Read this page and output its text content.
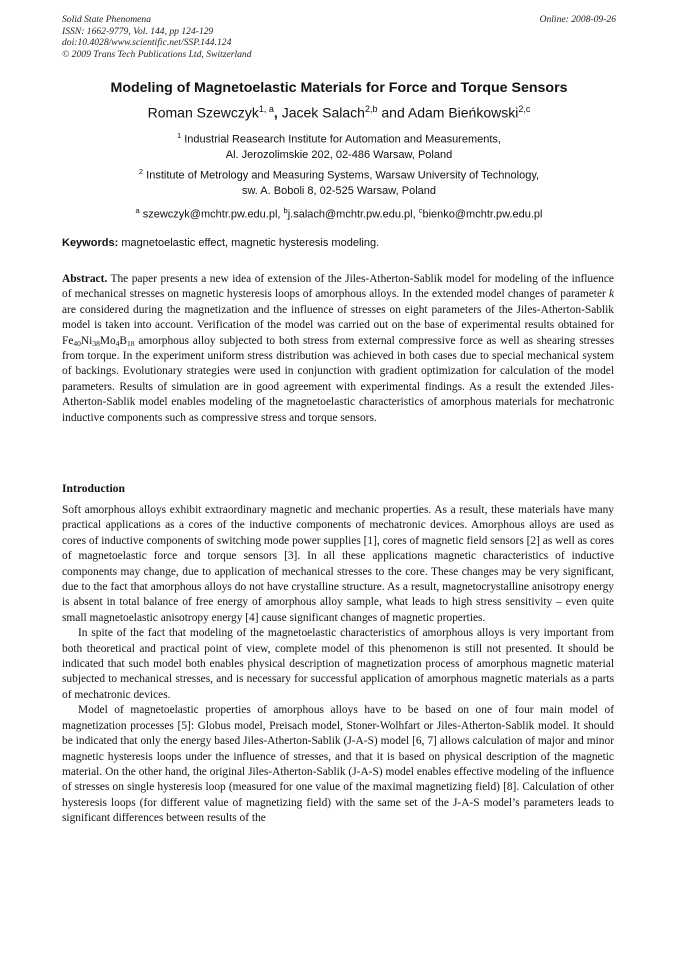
Solid State Phenomena
ISSN: 1662-9779, Vol. 144, pp 124-129
doi:10.4028/www.scientific.net/SSP.144.124
© 2009 Trans Tech Publications Ltd, Switzerland
Online: 2008-09-26
Modeling of Magnetoelastic Materials for Force and Torque Sensors
Roman Szewczyk$^{1, a}$, Jacek Salach$^{2,b}$ and Adam Bieńkowski$^{2,c}$
$^1$ Industrial Reasearch Institute for Automation and Measurements,
Al. Jerozolimskie 202, 02-486 Warsaw, Poland
$^2$ Institute of Metrology and Measuring Systems, Warsaw University of Technology,
sw. A. Boboli 8, 02-525 Warsaw, Poland
$^a$ szewczyk@mchtr.pw.edu.pl, $^b$j.salach@mchtr.pw.edu.pl, $^c$bienko@mchtr.pw.edu.pl
Keywords: magnetoelastic effect, magnetic hysteresis modeling.

Abstract. The paper presents a new idea of extension of the Jiles-Atherton-Sablik model for modeling of the influence of mechanical stresses on magnetic hysteresis loops of amorphous alloys. In the extended model changes of parameter k are considered during the magnetization and the influence of stresses on eight parameters of the Jiles-Atherton-Sablik model is taken into account. Verification of the model was carried out on the base of experimental results obtained for $Fe_{40}Ni_{38}Mo_4B_{18}$ amorphous alloy subjected to both stress from external compressive force as well as shearing stresses from torque. In the experiment uniform stress distribution was achieved in both cases due to special mechanical system of backings. Evolutionary strategies were used in conjunction with gradient optimization for calculation of the model parameters. Results of simulation are in good agreement with experimental findings. As a result the extended Jiles-Atherton-Sablik model enables modeling of the magnetoelastic characteristics of amorphous materials for mechatronic inductive components such as compressive stress and torque sensors.

Introduction

Soft amorphous alloys exhibit extraordinary magnetic and mechanic properties. As a result, these materials have many practical applications as a cores of the inductive components of mechatronic devices. Amorphous alloys are used as cores of inductive components of switching mode power supplies [1], cores of magnetic field sensors [2] as well as cores of magnetoelastic force and torque sensors [3]. In all these applications magnetic characteristics of inductive components may change, due to application of mechanical stresses to the core. These changes may be very significant, due to the fact that amorphous alloys do not have crystalline structure. As a result, magnetocrystalline anisotropy energy is absent in total balance of free energy of amorphous alloy sample, what leads to high stress sensitivity – even quite small magnetoelastic anisotropy energy [4] cause significant changes of magnetic properties.

In spite of the fact that modeling of the magnetoelastic characteristics of amorphous alloys is very important from both theoretical and practical point of view, complete model of this phenomenon is still not presented. It should be indicated that such model both enables physical description of magnetization process of amorphous magnetic material subjected to mechanical stresses, and is necessary for successful application of amorphous magnetic materials as a parts of mechatronic devices.

Model of magnetoelastic properties of amorphous alloys have to be based on one of four main model of magnetization processes [5]: Globus model, Preisach model, Stoner-Wolhfart or Jiles-Atherton-Sablik model. It should be indicated that only the energy based Jiles-Atherton-Sablik (J-A-S) model [6, 7] allows calculation of major and minor magnetic hysteresis loops under the influence of stresses, and that it is based on physical description of the magnetic material. On the other hand, the original Jiles-Atherton-Sablik (J-A-S) model enables effective modeling of the influence of stresses on single hysteresis loop (measured for one value of the maximal magnetizing field) [8]. Calculation of other hysteresis loops (for different value of magnetizing field) with the same set of the J-A-S model’s parameters leads to significant differences between results of the
